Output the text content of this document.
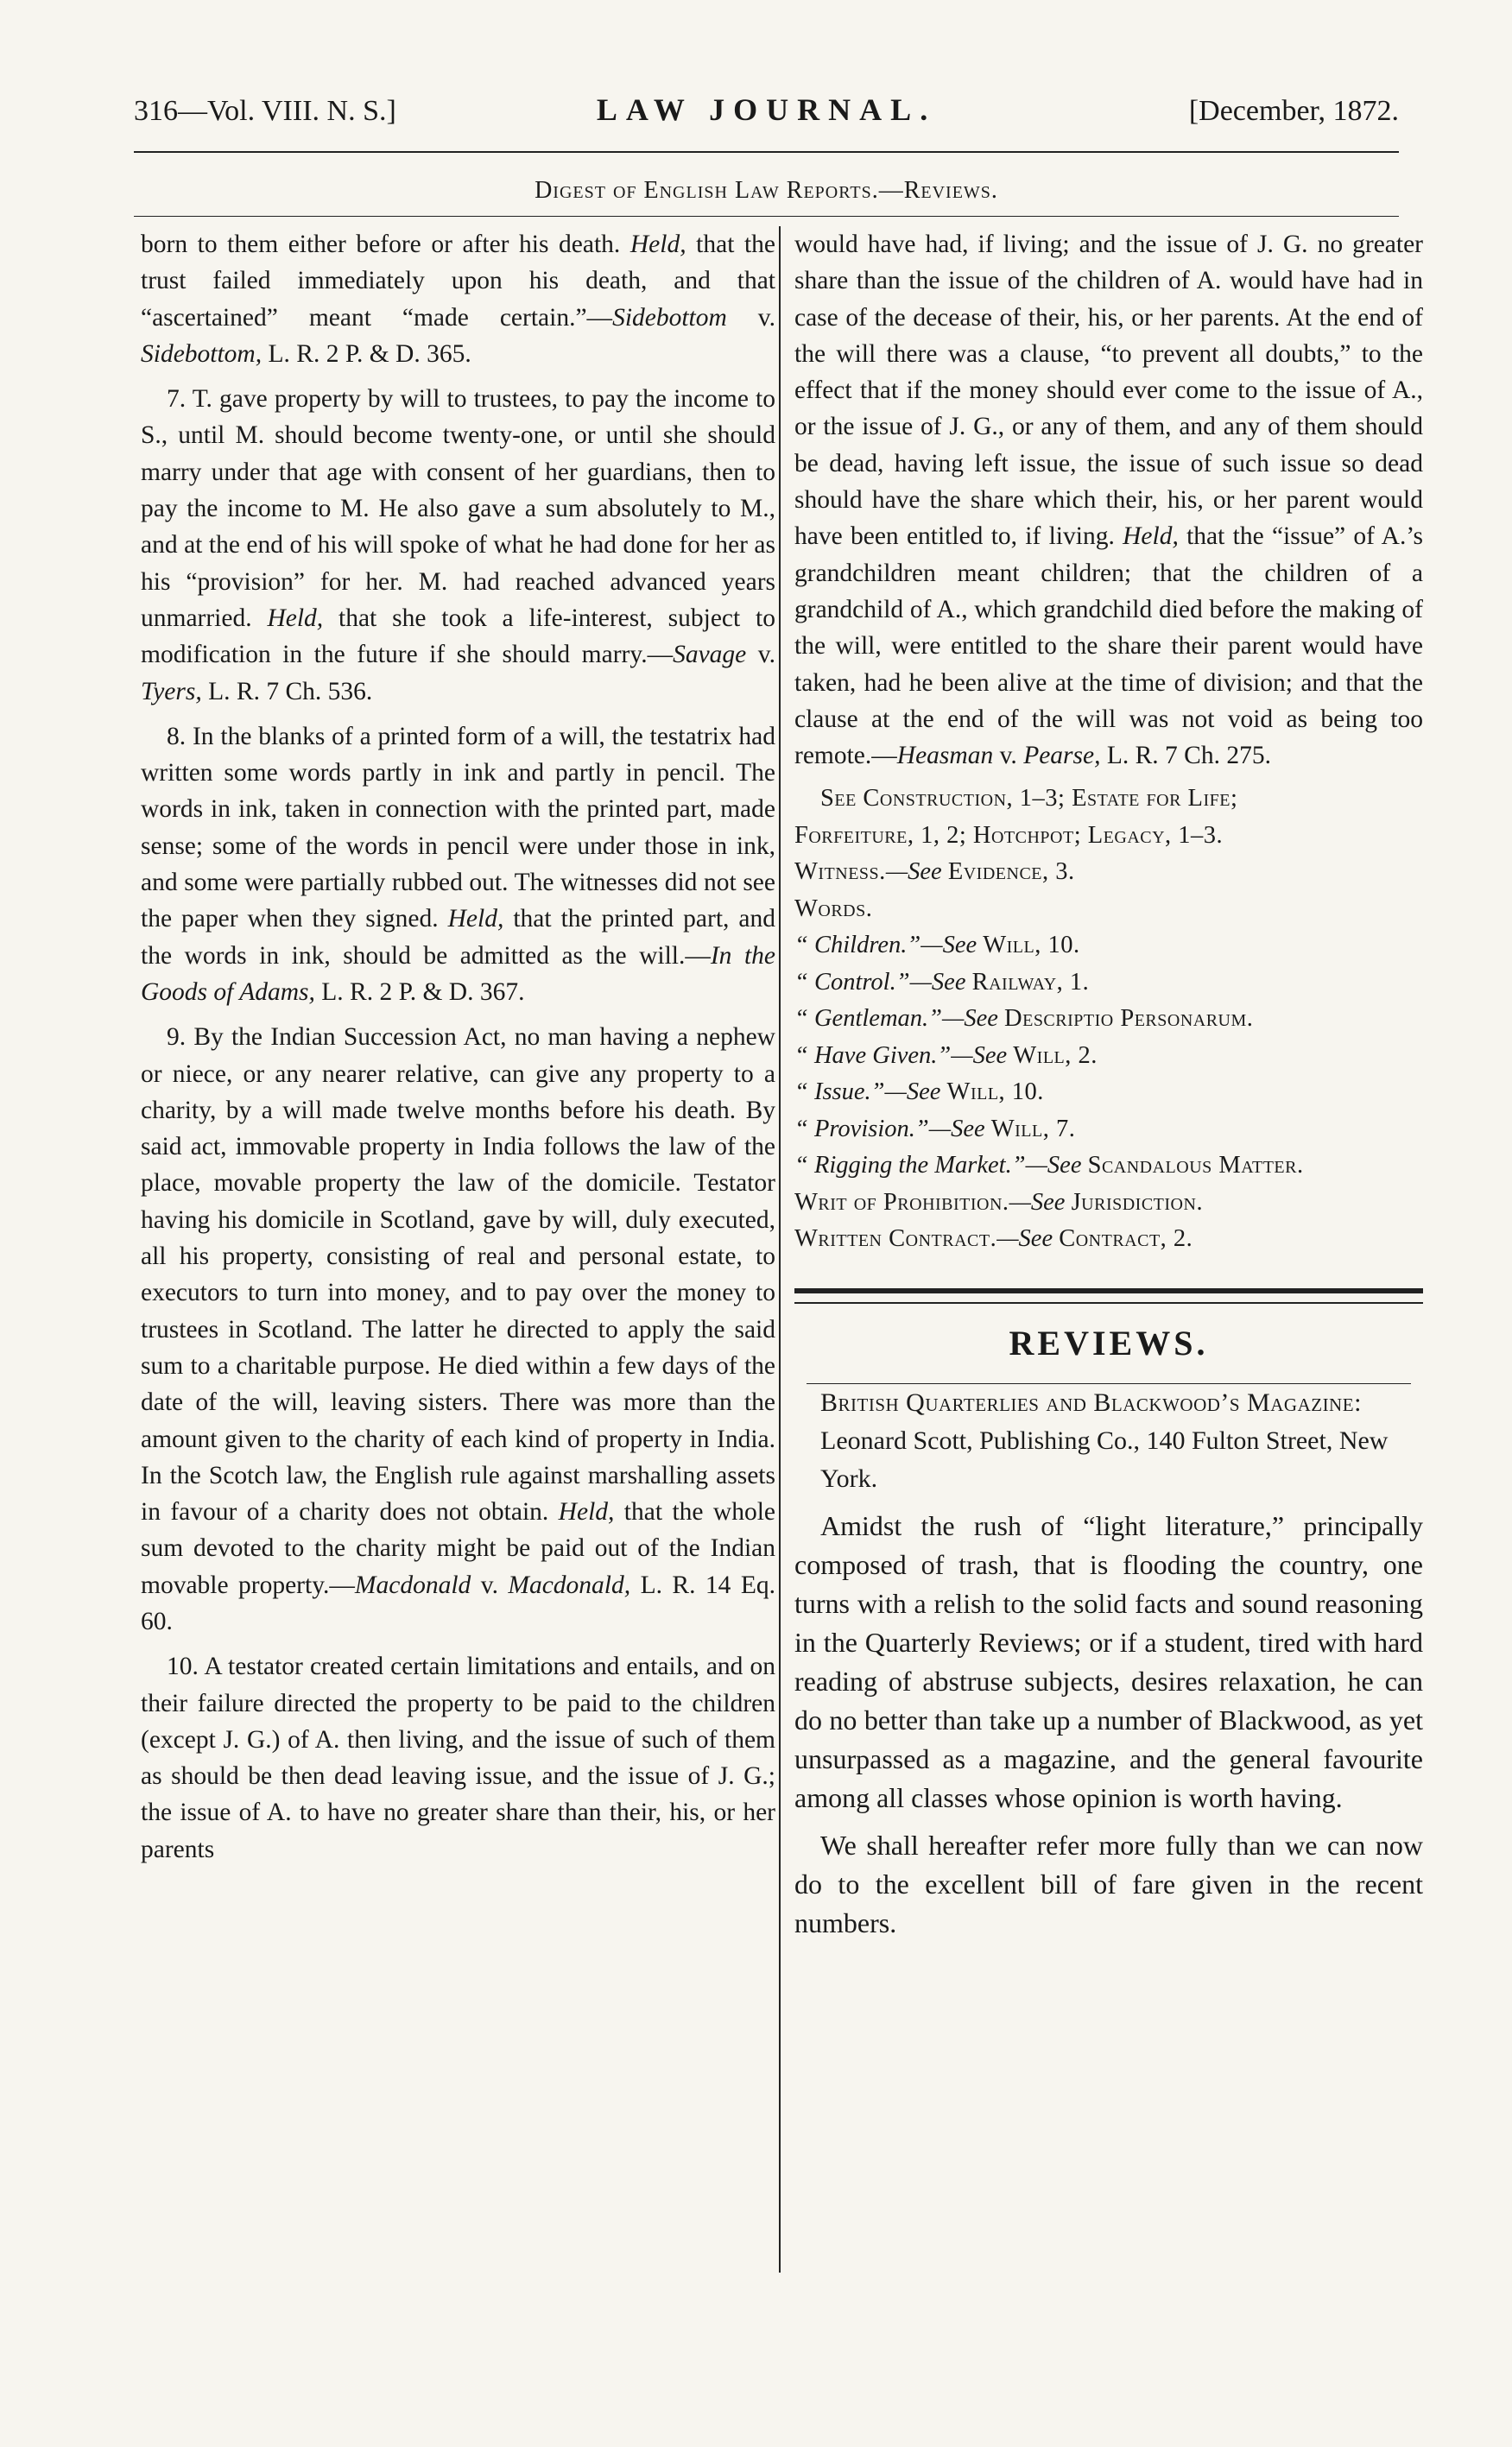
316—Vol. VIII. N. S.]	LAW JOURNAL.	[December, 1872.
Digest of English Law Reports.—Reviews.

born to them either before or after his death. Held, that the trust failed immediately upon his death, and that “ascertained” meant “made certain.”—Sidebottom v. Sidebottom, L. R. 2 P. & D. 365.

7. T. gave property by will to trustees, to pay the income to S., until M. should become twenty-one, or until she should marry under that age with consent of her guardians, then to pay the income to M. He also gave a sum absolutely to M., and at the end of his will spoke of what he had done for her as his “provision” for her. M. had reached advanced years unmarried. Held, that she took a life-interest, subject to modification in the future if she should marry.—Savage v. Tyers, L. R. 7 Ch. 536.

8. In the blanks of a printed form of a will, the testatrix had written some words partly in ink and partly in pencil. The words in ink, taken in connection with the printed part, made sense; some of the words in pencil were under those in ink, and some were partially rubbed out. The witnesses did not see the paper when they signed. Held, that the printed part, and the words in ink, should be admitted as the will.—In the Goods of Adams, L. R. 2 P. & D. 367.

9. By the Indian Succession Act, no man having a nephew or niece, or any nearer relative, can give any property to a charity, by a will made twelve months before his death. By said act, immovable property in India follows the law of the place, movable property the law of the domicile. Testator having his domicile in Scotland, gave by will, duly executed, all his property, consisting of real and personal estate, to executors to turn into money, and to pay over the money to trustees in Scotland. The latter he directed to apply the said sum to a charitable purpose. He died within a few days of the date of the will, leaving sisters. There was more than the amount given to the charity of each kind of property in India. In the Scotch law, the English rule against marshalling assets in favour of a charity does not obtain. Held, that the whole sum devoted to the charity might be paid out of the Indian movable property.—Macdonald v. Macdonald, L. R. 14 Eq. 60.

10. A testator created certain limitations and entails, and on their failure directed the property to be paid to the children (except J. G.) of A. then living, and the issue of such of them as should be then dead leaving issue, and the issue of J. G.; the issue of A. to have no greater share than their, his, or her parents

would have had, if living; and the issue of J. G. no greater share than the issue of the children of A. would have had in case of the decease of their, his, or her parents. At the end of the will there was a clause, “to prevent all doubts,” to the effect that if the money should ever come to the issue of A., or the issue of J. G., or any of them, and any of them should be dead, having left issue, the issue of such issue so dead should have the share which their, his, or her parent would have been entitled to, if living. Held, that the “issue” of A.’s grandchildren meant children; that the children of a grandchild of A., which grandchild died before the making of the will, were entitled to the share their parent would have taken, had he been alive at the time of division; and that the clause at the end of the will was not void as being too remote.—Heasman v. Pearse, L. R. 7 Ch. 275.

See Construction, 1–3; Estate for Life;

Forfeiture, 1, 2; Hotchpot; Legacy, 1–3.

Witness.—See Evidence, 3.

Words.

“ Children.”—See Will, 10.

“ Control.”—See Railway, 1.

“ Gentleman.”—See Descriptio Personarum.

“ Have Given.”—See Will, 2.

“ Issue.”—See Will, 10.

“ Provision.”—See Will, 7.

“ Rigging the Market.”—See Scandalous Matter.

Writ of Prohibition.—See Jurisdiction.

Written Contract.—See Contract, 2.

REVIEWS.

British Quarterlies and Blackwood’s Magazine: Leonard Scott, Publishing Co., 140 Fulton Street, New York.

Amidst the rush of “light literature,” principally composed of trash, that is flooding the country, one turns with a relish to the solid facts and sound reasoning in the Quarterly Reviews; or if a student, tired with hard reading of abstruse subjects, desires relaxation, he can do no better than take up a number of Blackwood, as yet unsurpassed as a magazine, and the general favourite among all classes whose opinion is worth having.

We shall hereafter refer more fully than we can now do to the excellent bill of fare given in the recent numbers.
